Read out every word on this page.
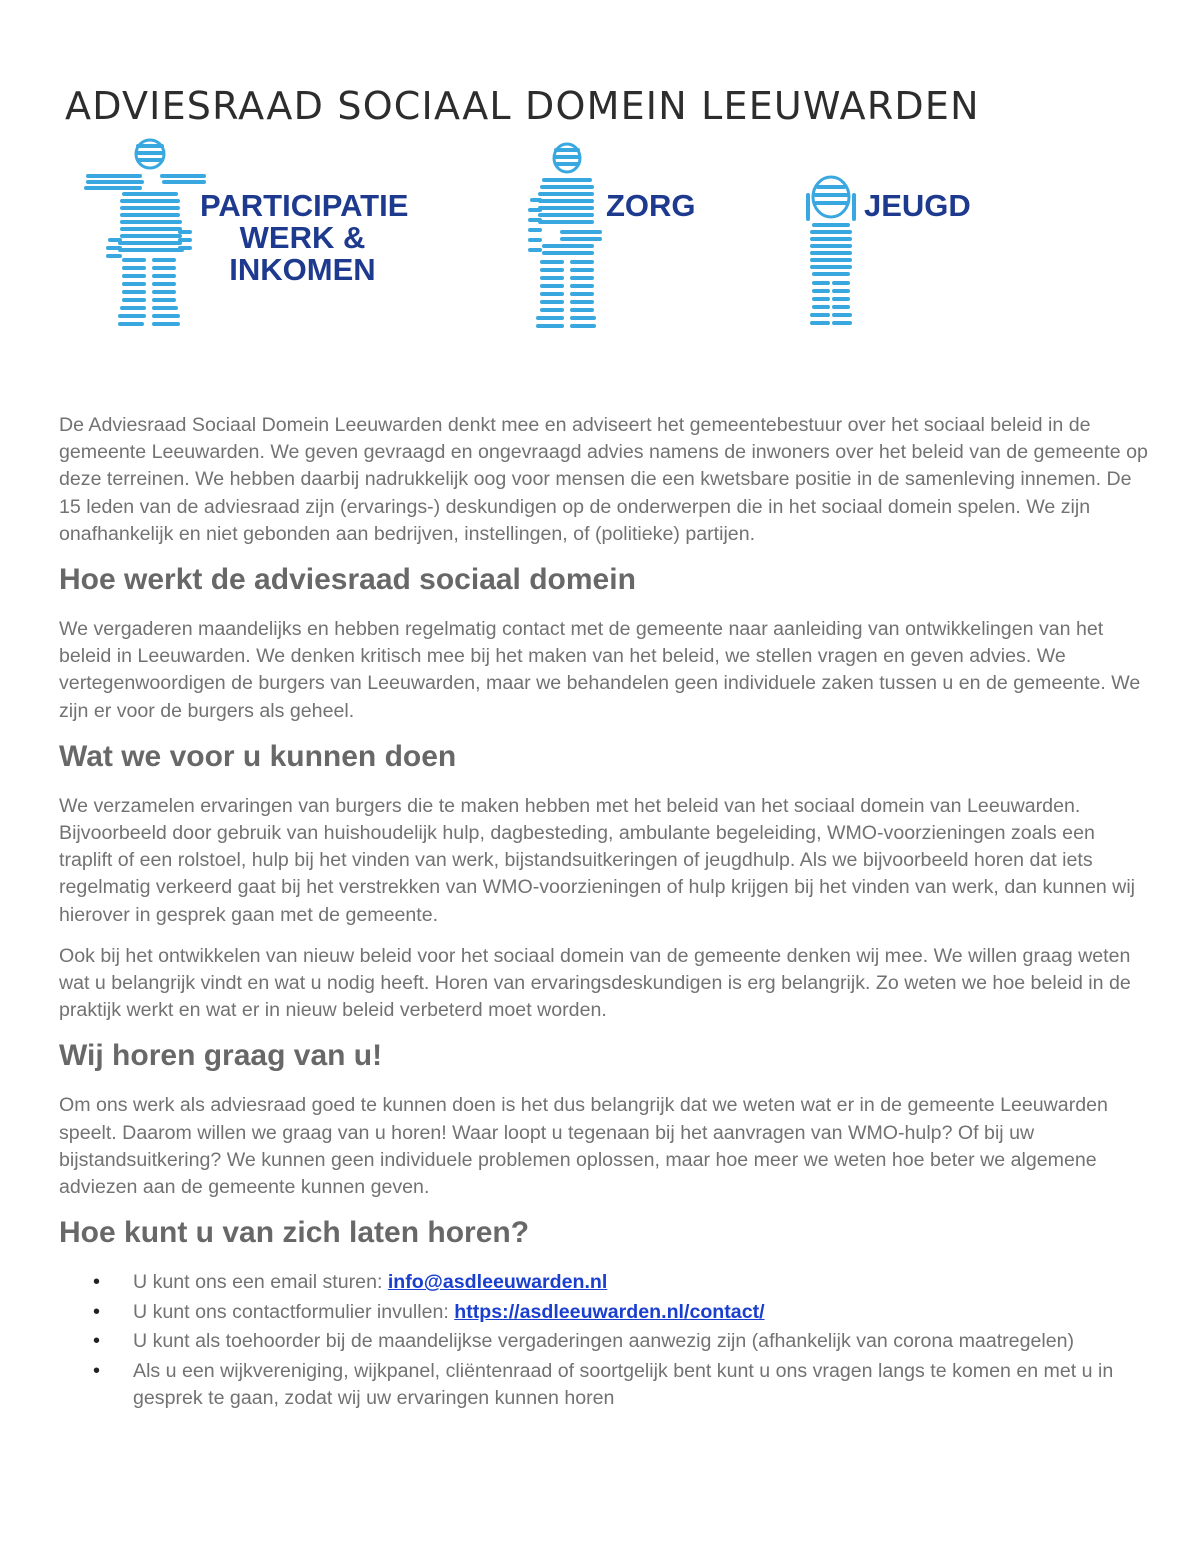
ADVIESRAAD SOCIAAL DOMEIN LEEUWARDEN
PARTICIPATIE
WERK &
INKOMEN
ZORG	JEUGD

De Adviesraad Sociaal Domein Leeuwarden denkt mee en adviseert het gemeentebestuur over het sociaal beleid in de gemeente Leeuwarden. We geven gevraagd en ongevraagd advies namens de inwoners over het beleid van de gemeente op deze terreinen. We hebben daarbij nadrukkelijk oog voor mensen die een kwetsbare positie in de samenleving innemen. De 15 leden van de adviesraad zijn (ervarings-) deskundigen op de onderwerpen die in het sociaal domein spelen. We zijn onafhankelijk en niet gebonden aan bedrijven, instellingen, of (politieke) partijen.

Hoe werkt de adviesraad sociaal domein

We vergaderen maandelijks en hebben regelmatig contact met de gemeente naar aanleiding van ontwikkelingen van het beleid in Leeuwarden. We denken kritisch mee bij het maken van het beleid, we stellen vragen en geven advies. We vertegenwoordigen de burgers van Leeuwarden, maar we behandelen geen individuele zaken tussen u en de gemeente. We zijn er voor de burgers als geheel.

Wat we voor u kunnen doen

We verzamelen ervaringen van burgers die te maken hebben met het beleid van het sociaal domein van Leeuwarden. Bijvoorbeeld door gebruik van huishoudelijk hulp, dagbesteding, ambulante begeleiding, WMO-voorzieningen zoals een traplift of een rolstoel, hulp bij het vinden van werk, bijstandsuitkeringen of jeugdhulp. Als we bijvoorbeeld horen dat iets regelmatig verkeerd gaat bij het verstrekken van WMO-voorzieningen of hulp krijgen bij het vinden van werk, dan kunnen wij hierover in gesprek gaan met de gemeente.

Ook bij het ontwikkelen van nieuw beleid voor het sociaal domein van de gemeente denken wij mee. We willen graag weten wat u belangrijk vindt en wat u nodig heeft. Horen van ervaringsdeskundigen is erg belangrijk. Zo weten we hoe beleid in de praktijk werkt en wat er in nieuw beleid verbeterd moet worden.

Wij horen graag van u!

Om ons werk als adviesraad goed te kunnen doen is het dus belangrijk dat we weten wat er in de gemeente Leeuwarden speelt. Daarom willen we graag van u horen! Waar loopt u tegenaan bij het aanvragen van WMO-hulp? Of bij uw bijstandsuitkering? We kunnen geen individuele problemen oplossen, maar hoe meer we weten hoe beter we algemene adviezen aan de gemeente kunnen geven.

Hoe kunt u van zich laten horen?
• U kunt ons een email sturen: info@asdleeuwarden.nl
• U kunt ons contactformulier invullen: https://asdleeuwarden.nl/contact/
• U kunt als toehoorder bij de maandelijkse vergaderingen aanwezig zijn (afhankelijk van corona maatregelen)
• Als u een wijkvereniging, wijkpanel, cliëntenraad of soortgelijk bent kunt u ons vragen langs te komen en met u in gesprek te gaan, zodat wij uw ervaringen kunnen horen
